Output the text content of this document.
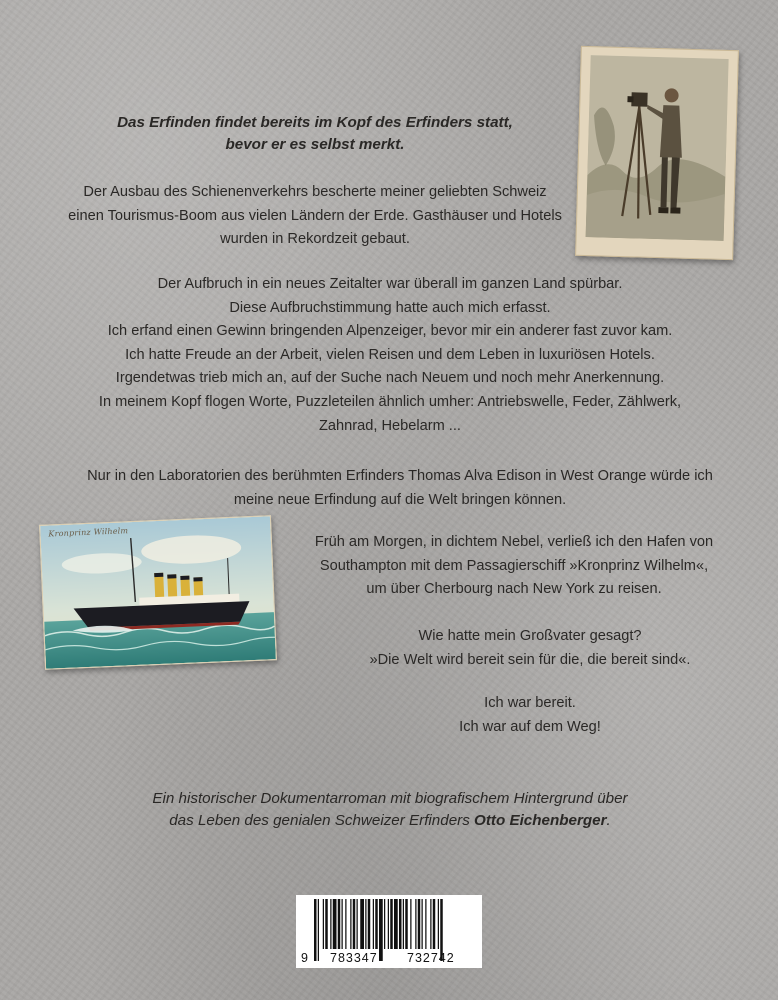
Das Erfinden findet bereits im Kopf des Erfinders statt,
bevor er es selbst merkt.
Der Ausbau des Schienenverkehrs bescherte meiner geliebten Schweiz
einen Tourismus-Boom aus vielen Ländern der Erde. Gasthäuser und Hotels
wurden in Rekordzeit gebaut.
Der Aufbruch in ein neues Zeitalter war überall im ganzen Land spürbar.
Diese Aufbruchstimmung hatte auch mich erfasst.
Ich erfand einen Gewinn bringenden Alpenzeiger, bevor mir ein anderer fast zuvor kam.
Ich hatte Freude an der Arbeit, vielen Reisen und dem Leben in luxuriösen Hotels.
Irgendetwas trieb mich an, auf der Suche nach Neuem und noch mehr Anerkennung.
In meinem Kopf flogen Worte, Puzzleteilen ähnlich umher: Antriebswelle, Feder, Zählwerk,
Zahnrad, Hebelarm ...
Nur in den Laboratorien des berühmten Erfinders Thomas Alva Edison in West Orange würde ich
meine neue Erfindung auf die Welt bringen können.
Kronprinz Wilhelm
Früh am Morgen, in dichtem Nebel, verließ ich den Hafen von
Southampton mit dem Passagierschiff »Kronprinz Wilhelm«,
um über Cherbourg nach New York zu reisen.
Wie hatte mein Großvater gesagt?
»Die Welt wird bereit sein für die, die bereit sind«.
Ich war bereit.
Ich war auf dem Weg!
Ein historischer Dokumentarroman mit biografischem Hintergrund über
das Leben des genialen Schweizer Erfinders Otto Eichenberger.
9 783347 732742
